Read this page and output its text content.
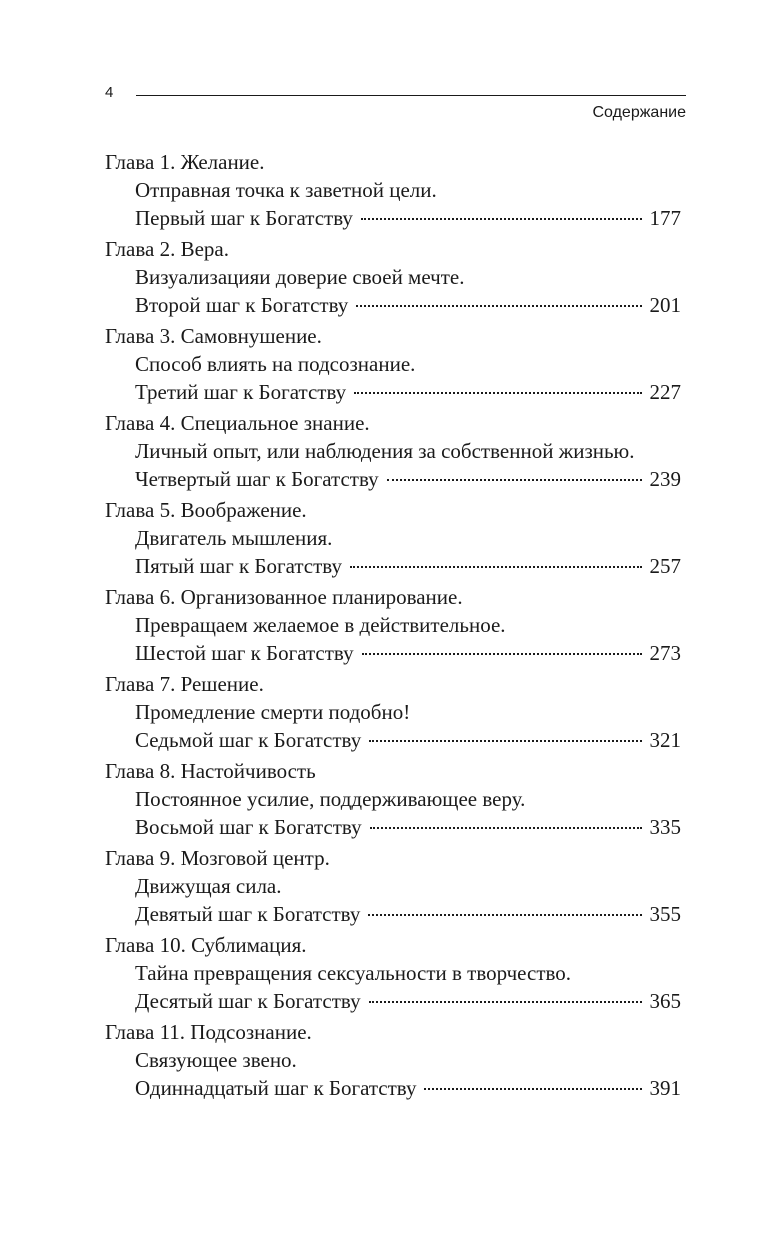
4
Содержание
Глава 1. Желание.
Отправная точка к заветной цели.
Первый шаг к Богатству	177
Глава 2. Вера.
Визуализацияи доверие своей мечте.
Второй шаг к Богатству	201
Глава 3. Самовнушение.
Способ влиять на подсознание.
Третий шаг к Богатству	227
Глава 4. Специальное знание.
Личный опыт, или наблюдения за собственной жизнью.
Четвертый шаг к Богатству	239
Глава 5. Воображение.
Двигатель мышления.
Пятый шаг к Богатству	257
Глава 6. Организованное планирование.
Превращаем желаемое в действительное.
Шестой шаг к Богатству	273
Глава 7. Решение.
Промедление смерти подобно!
Седьмой шаг к Богатству	321
Глава 8. Настойчивость
Постоянное усилие, поддерживающее веру.
Восьмой шаг к Богатству	335
Глава 9. Мозговой центр.
Движущая сила.
Девятый шаг к Богатству	355
Глава 10. Сублимация.
Тайна превращения сексуальности в творчество.
Десятый шаг к Богатству	365
Глава 11. Подсознание.
Связующее звено.
Одиннадцатый шаг к Богатству	391
